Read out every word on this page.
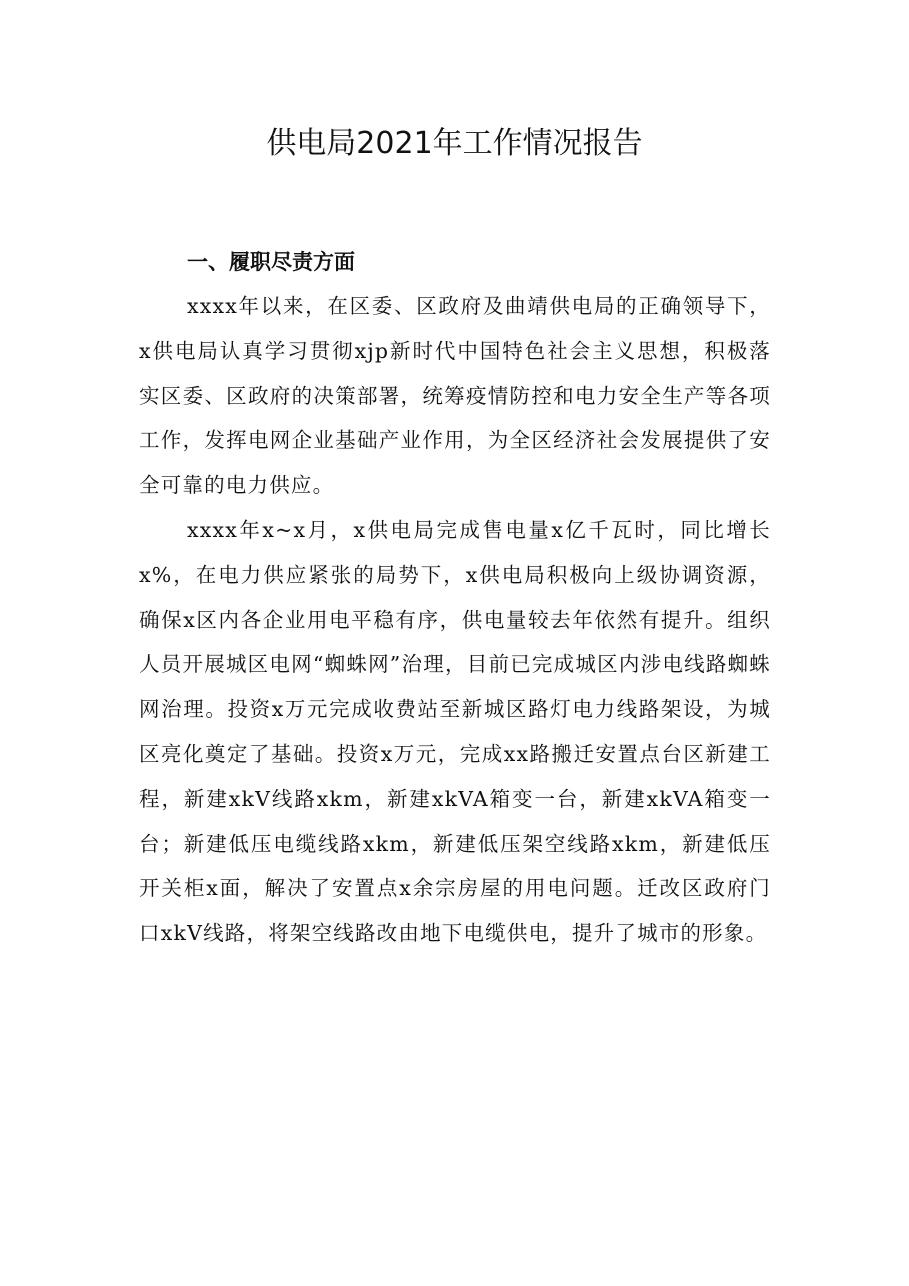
供电局2021年工作情况报告
一、履职尽责方面

xxxx年以来，在区委、区政府及曲靖供电局的正确领导下，x供电局认真学习贯彻xjp新时代中国特色社会主义思想，积极落实区委、区政府的决策部署，统筹疫情防控和电力安全生产等各项工作，发挥电网企业基础产业作用，为全区经济社会发展提供了安全可靠的电力供应。

xxxx年x~x月，x供电局完成售电量x亿千瓦时，同比增长x%，在电力供应紧张的局势下，x供电局积极向上级协调资源，确保x区内各企业用电平稳有序，供电量较去年依然有提升。组织人员开展城区电网“蜘蛛网”治理，目前已完成城区内涉电线路蜘蛛网治理。投资x万元完成收费站至新城区路灯电力线路架设，为城区亮化奠定了基础。投资x万元，完成xx路搬迁安置点台区新建工程，新建xkV线路xkm，新建xkVA箱变一台，新建xkVA箱变一台；新建低压电缆线路xkm，新建低压架空线路xkm，新建低压开关柜x面，解决了安置点x余宗房屋的用电问题。迁改区政府门口xkV线路，将架空线路改由地下电缆供电，提升了城市的形象。
